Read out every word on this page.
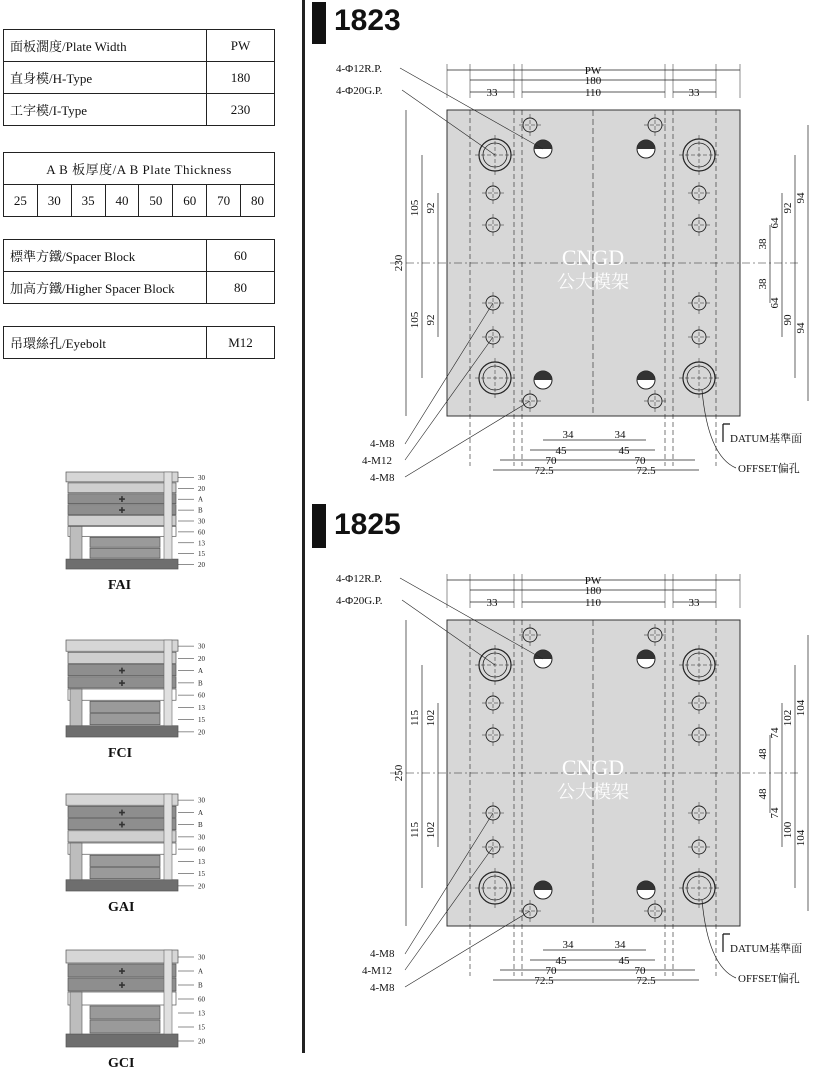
面板濶度/Plate Width	PW
直身模/H-Type	180
工字模/I-Type	230
A B 板厚度/A B Plate Thickness
25	30	35	40	50	60	70	80
標準方鐵/Spacer Block	60
加高方鐵/Higher Spacer Block	80
吊環絲孔/Eyebolt	M12
30
20
✚	A
✚	B
30
60
13
15
20
FAI
30
20
✚	A
✚	B
60
13
15
20
FCI
30
✚	A
✚	B
30
60
13
15
20
GAI
30
✚	A
✚	B
60
13
15
20
GCI
1823
1825
CNGD
公大模架
PW
180
110
33	33
4-Φ12R.P.
4-Φ20G.P.
230
105
105
92
92
38
38
64
64
92
90
94
94
34	34
45	45
70	70
72.5	72.5
4-M8
4-M12
4-M8
DATUM基準面
OFFSET偏孔
CNGD
公大模架
PW
180
110
33	33
4-Φ12R.P.
4-Φ20G.P.
250
115
115
102
102
48
48
74
74
102
100
104
104
34	34
45	45
70	70
72.5	72.5
4-M8
4-M12
4-M8
DATUM基準面
OFFSET偏孔
